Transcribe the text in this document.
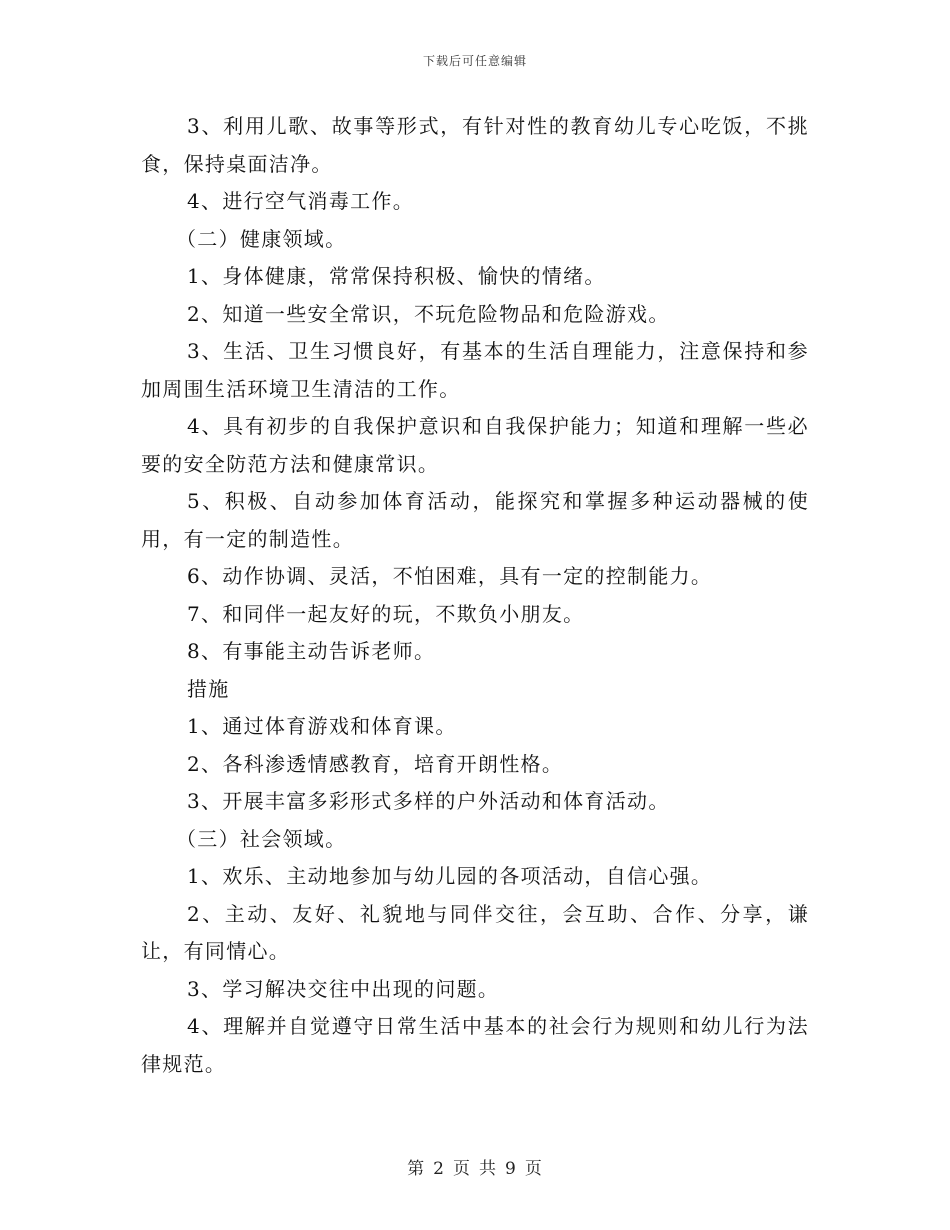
下载后可任意编辑

3、利用儿歌、故事等形式，有针对性的教育幼儿专心吃饭，不挑食，保持桌面洁净。

4、进行空气消毒工作。

（二）健康领域。

1、身体健康，常常保持积极、愉快的情绪。

2、知道一些安全常识，不玩危险物品和危险游戏。

3、生活、卫生习惯良好，有基本的生活自理能力，注意保持和参加周围生活环境卫生清洁的工作。

4、具有初步的自我保护意识和自我保护能力；知道和理解一些必要的安全防范方法和健康常识。

5、积极、自动参加体育活动，能探究和掌握多种运动器械的使用，有一定的制造性。

6、动作协调、灵活，不怕困难，具有一定的控制能力。

7、和同伴一起友好的玩，不欺负小朋友。

8、有事能主动告诉老师。

措施

1、通过体育游戏和体育课。

2、各科渗透情感教育，培育开朗性格。

3、开展丰富多彩形式多样的户外活动和体育活动。

（三）社会领域。

1、欢乐、主动地参加与幼儿园的各项活动，自信心强。

2、主动、友好、礼貌地与同伴交往，会互助、合作、分享，谦让，有同情心。

3、学习解决交往中出现的问题。

4、理解并自觉遵守日常生活中基本的社会行为规则和幼儿行为法律规范。

第 2 页 共 9 页
